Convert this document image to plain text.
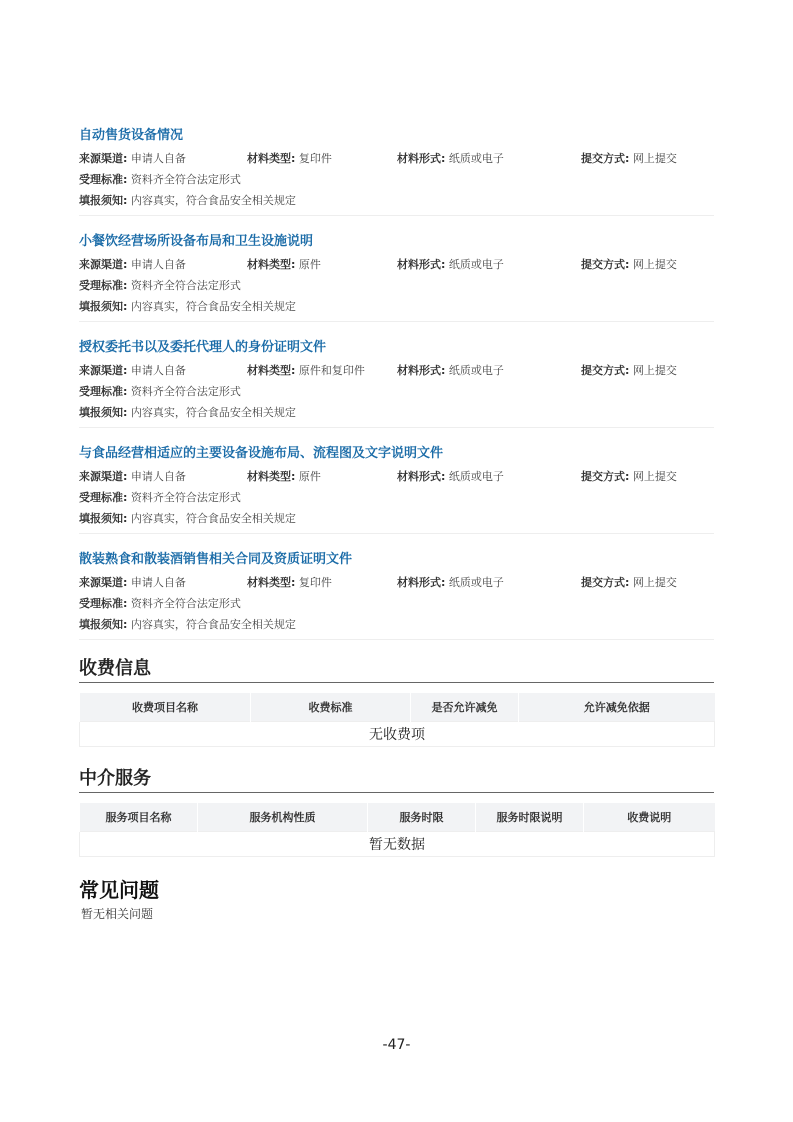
自动售货设备情况
来源渠道: 申请人自备	材料类型: 复印件	材料形式: 纸质或电子	提交方式: 网上提交
受理标准: 资料齐全符合法定形式
填报须知: 内容真实，符合食品安全相关规定
小餐饮经营场所设备布局和卫生设施说明
来源渠道: 申请人自备	材料类型: 原件	材料形式: 纸质或电子	提交方式: 网上提交
受理标准: 资料齐全符合法定形式
填报须知: 内容真实，符合食品安全相关规定
授权委托书以及委托代理人的身份证明文件
来源渠道: 申请人自备	材料类型: 原件和复印件	材料形式: 纸质或电子	提交方式: 网上提交
受理标准: 资料齐全符合法定形式
填报须知: 内容真实，符合食品安全相关规定
与食品经营相适应的主要设备设施布局、流程图及文字说明文件
来源渠道: 申请人自备	材料类型: 原件	材料形式: 纸质或电子	提交方式: 网上提交
受理标准: 资料齐全符合法定形式
填报须知: 内容真实，符合食品安全相关规定
散装熟食和散装酒销售相关合同及资质证明文件
来源渠道: 申请人自备	材料类型: 复印件	材料形式: 纸质或电子	提交方式: 网上提交
受理标准: 资料齐全符合法定形式
填报须知: 内容真实，符合食品安全相关规定
收费信息
收费项目名称	收费标准	是否允许减免	允许减免依据
无收费项
中介服务
服务项目名称	服务机构性质	服务时限	服务时限说明	收费说明
暂无数据
常见问题
暂无相关问题
-47-
